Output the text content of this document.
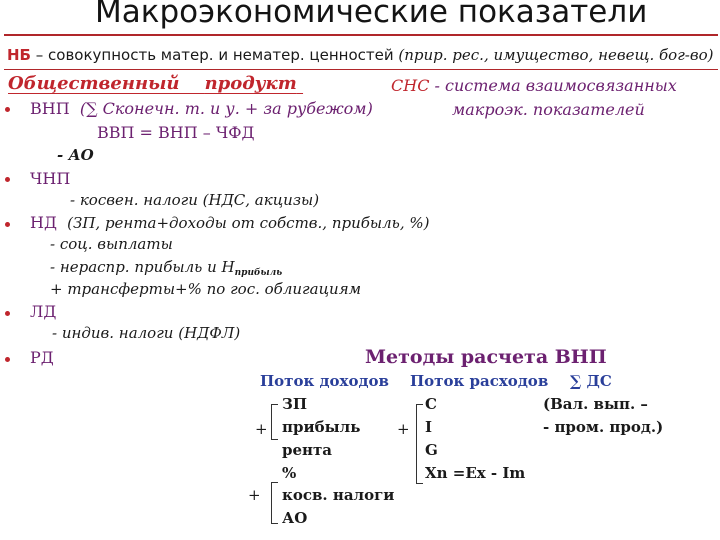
Макроэкономические показатели
НБ – совокупность матер. и нематер. ценностей (прир. рес., имущество, невещ. бог-во)
Общественный продукт	СНС - система взаимосвязанных
макроэк. показателей
ВНП (∑ Сконечн. т. и у. + за рубежом)
ВВП = ВНП – ЧФД
- АО
ЧНП
- косвен. налоги (НДС, акцизы)
НД (ЗП, рента+доходы от собств., прибыль, %)
- соц. выплаты
- нераспр. прибыль и $Н_{прибыль}$
+ трансферты+% по гос. облигациям
ЛД
- индив. налоги (НДФЛ)
РД	Методы расчета ВНП
Поток доходов Поток расходов ∑ ДС
+
+
ЗП
прибыль
рента
%
косв. налоги
АО
+
C
I
G
Xn =Ex - Im
(Вал. вып. –
- пром. прод.)
